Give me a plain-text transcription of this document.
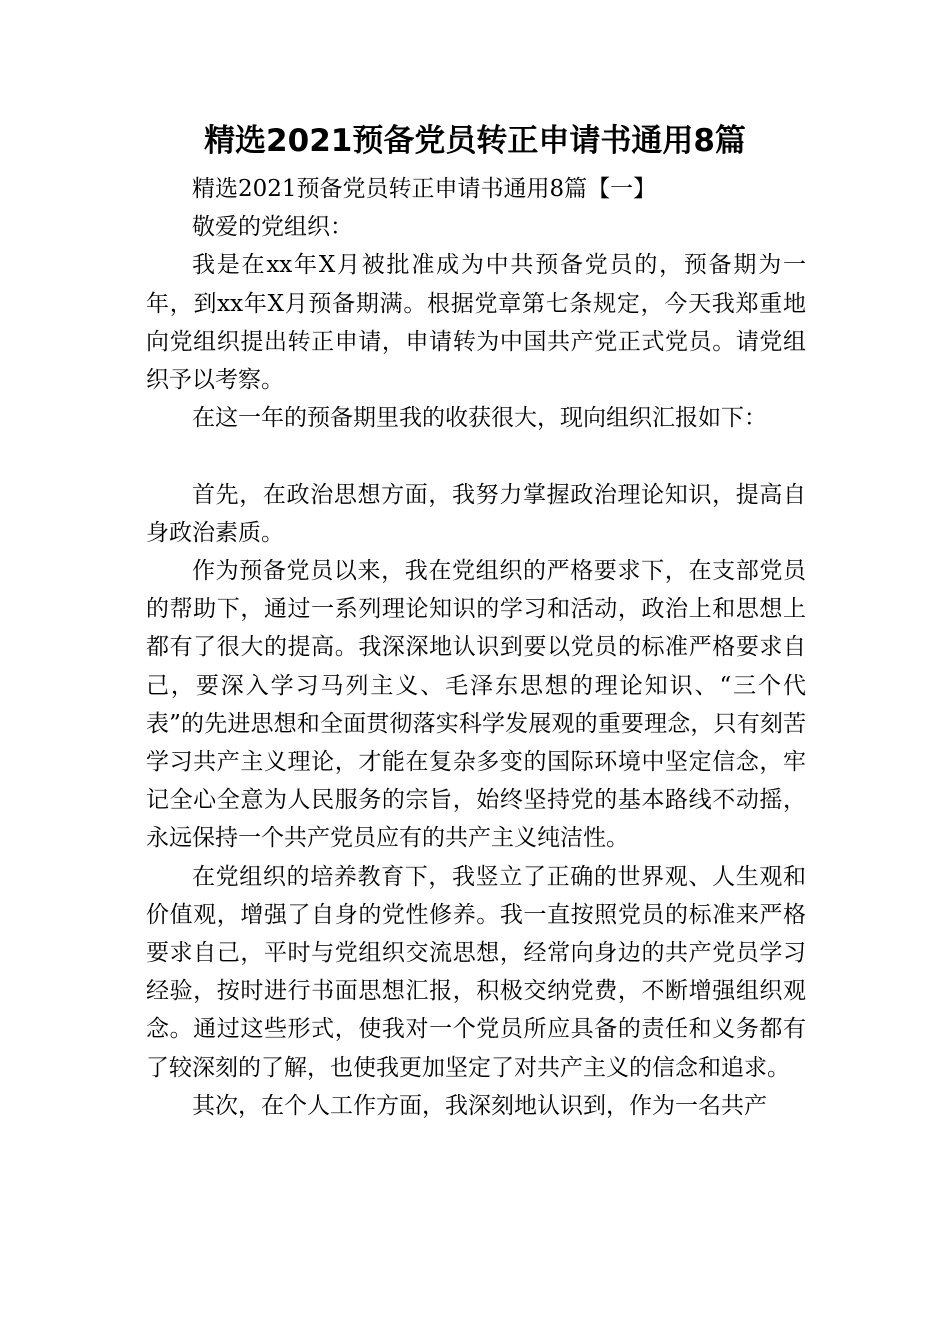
精选2021预备党员转正申请书通用8篇

精选2021预备党员转正申请书通用8篇【一】

敬爱的党组织：

我是在xx年X月被批准成为中共预备党员的，预备期为一年，到xx年X月预备期满。根据党章第七条规定，今天我郑重地向党组织提出转正申请，申请转为中国共产党正式党员。请党组织予以考察。

在这一年的预备期里我的收获很大，现向组织汇报如下：

首先，在政治思想方面，我努力掌握政治理论知识，提高自身政治素质。

作为预备党员以来，我在党组织的严格要求下，在支部党员的帮助下，通过一系列理论知识的学习和活动，政治上和思想上都有了很大的提高。我深深地认识到要以党员的标准严格要求自己，要深入学习马列主义、毛泽东思想的理论知识、“三个代表”的先进思想和全面贯彻落实科学发展观的重要理念，只有刻苦学习共产主义理论，才能在复杂多变的国际环境中坚定信念，牢记全心全意为人民服务的宗旨，始终坚持党的基本路线不动摇，永远保持一个共产党员应有的共产主义纯洁性。

在党组织的培养教育下，我竖立了正确的世界观、人生观和价值观，增强了自身的党性修养。我一直按照党员的标准来严格要求自己，平时与党组织交流思想，经常向身边的共产党员学习经验，按时进行书面思想汇报，积极交纳党费，不断增强组织观念。通过这些形式，使我对一个党员所应具备的责任和义务都有了较深刻的了解，也使我更加坚定了对共产主义的信念和追求。

其次，在个人工作方面，我深刻地认识到，作为一名共产
